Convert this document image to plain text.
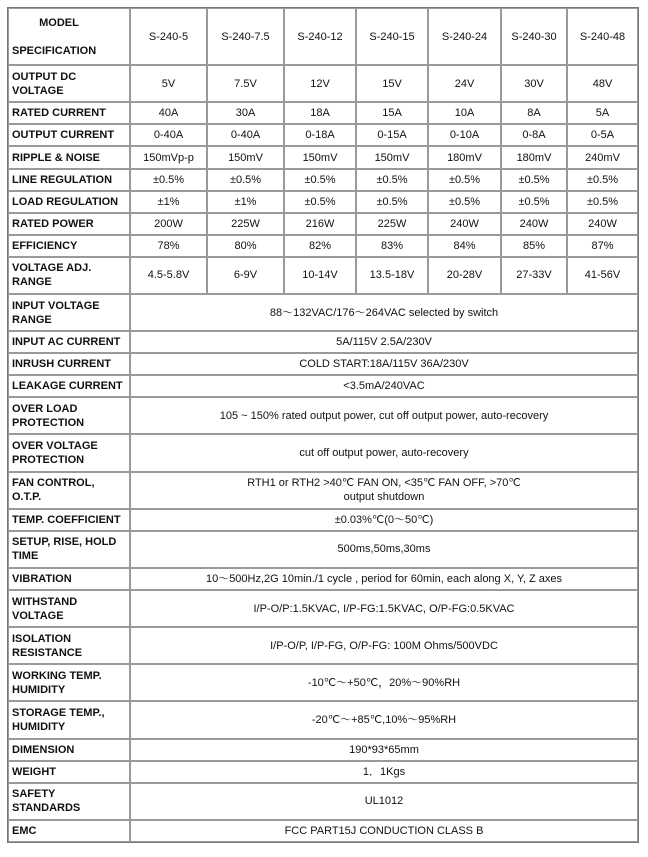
MODEL
SPECIFICATION	S-240-5	S-240-7.5	S-240-12	S-240-15	S-240-24	S-240-30	S-240-48
OUTPUT DC VOLTAGE	5V	7.5V	12V	15V	24V	30V	48V
RATED CURRENT	40A	30A	18A	15A	10A	8A	5A
OUTPUT CURRENT	0-40A	0-40A	0-18A	0-15A	0-10A	0-8A	0-5A
RIPPLE & NOISE	150mVp-p	150mV	150mV	150mV	180mV	180mV	240mV
LINE REGULATION	±0.5%	±0.5%	±0.5%	±0.5%	±0.5%	±0.5%	±0.5%
LOAD REGULATION	±1%	±1%	±0.5%	±0.5%	±0.5%	±0.5%	±0.5%
RATED POWER	200W	225W	216W	225W	240W	240W	240W
EFFICIENCY	78%	80%	82%	83%	84%	85%	87%
VOLTAGE ADJ. RANGE	4.5-5.8V	6-9V	10-14V	13.5-18V	20-28V	27-33V	41-56V
INPUT VOLTAGE RANGE	88～132VAC/176～264VAC selected by switch						

INPUT AC CURRENT	5A/115V 2.5A/230V						

INRUSH CURRENT	COLD START:18A/115V 36A/230V						

LEAKAGE CURRENT	<3.5mA/240VAC						

OVER LOAD PROTECTION	105 ~ 150% rated output power, cut off output power, auto-recovery						

OVER VOLTAGE PROTECTION	cut off output power, auto-recovery						

FAN CONTROL, O.T.P.	RTH1 or RTH2 >40℃ FAN ON, <35℃ FAN OFF, >70℃
output shutdown						

TEMP. COEFFICIENT	±0.03%℃(0～50℃)						

SETUP, RISE, HOLD TIME	500ms,50ms,30ms						

VIBRATION	10～500Hz,2G 10min./1 cycle , period for 60min, each along X, Y, Z axes						

WITHSTAND VOLTAGE	I/P-O/P:1.5KVAC, I/P-FG:1.5KVAC, O/P-FG:0.5KVAC						

ISOLATION RESISTANCE	I/P-O/P, I/P-FG, O/P-FG: 100M Ohms/500VDC						

WORKING TEMP. HUMIDITY	-10℃～+50℃，20%～90%RH						

STORAGE TEMP., HUMIDITY	-20℃～+85℃,10%～95%RH						

DIMENSION	190*93*65mm						

WEIGHT	1．1Kgs						

SAFETY STANDARDS	UL1012						

EMC	FCC PART15J CONDUCTION CLASS B						
